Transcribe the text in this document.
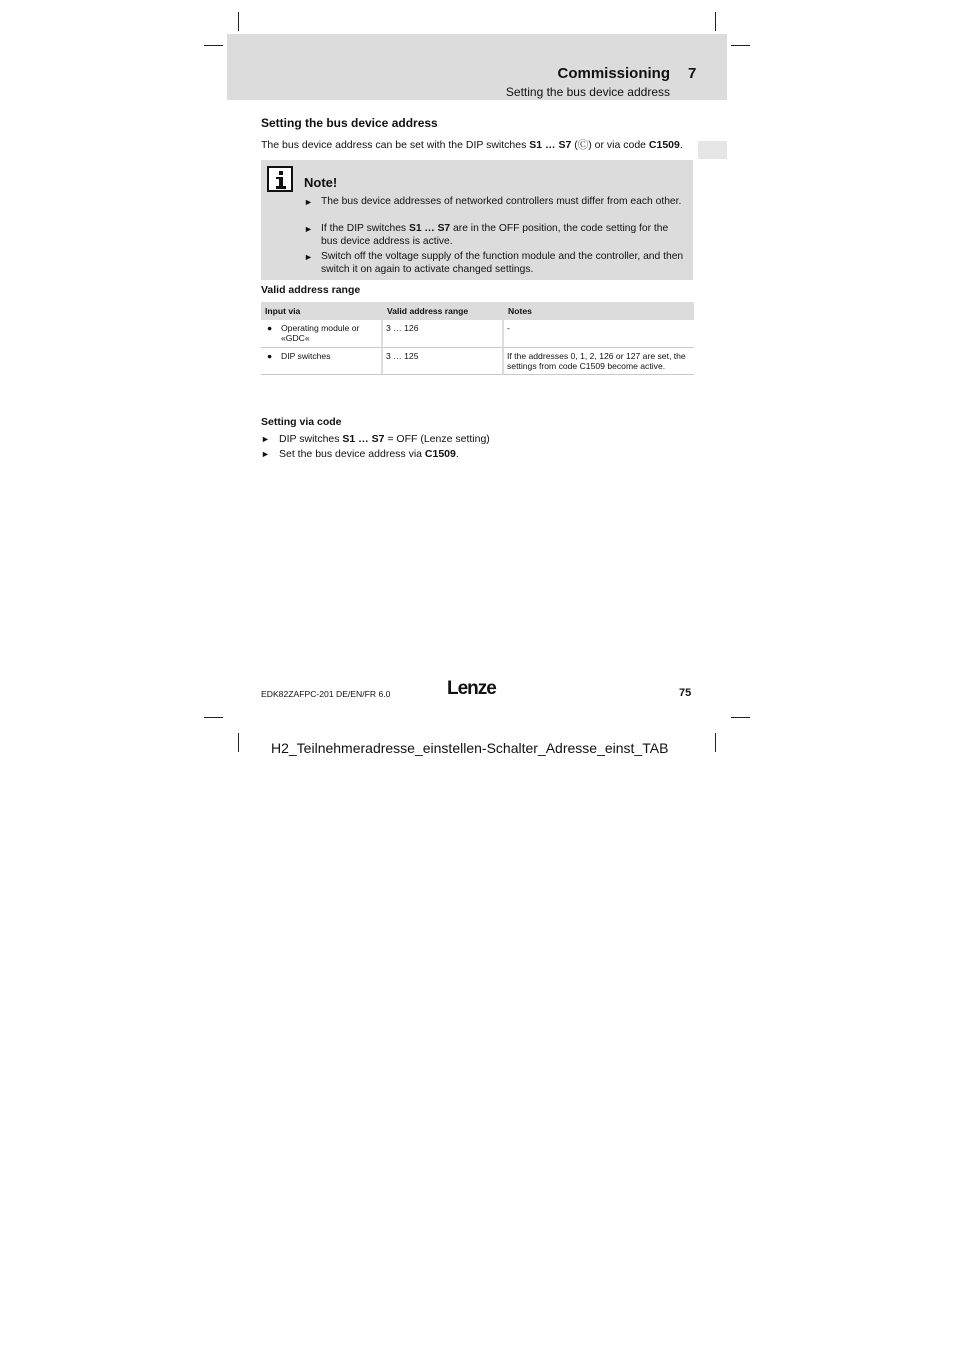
Commissioning 7
Setting the bus device address
Setting the bus device address
The bus device address can be set with the DIP switches S1 … S7 (Ⓒ) or via code C1509.
Note!
► The bus device addresses of networked controllers must differ from each other.
► If the DIP switches S1 … S7 are in the OFF position, the code setting for the bus device address is active.
► Switch off the voltage supply of the function module and the controller, and then switch it on again to activate changed settings.
Valid address range
Input via	Valid address range	Notes

● Operating module or «GDC«	3 … 126	-

● DIP switches	3 … 125	If the addresses 0, 1, 2, 126 or 127 are set, the settings from code C1509 become active.
Setting via code
► DIP switches S1 … S7 = OFF (Lenze setting)
► Set the bus device address via C1509.
EDK82ZAFPC-201 DE/EN/FR 6.0	Lenze	75
H2_Teilnehmeradresse_einstellen-Schalter_Adresse_einst_TAB
